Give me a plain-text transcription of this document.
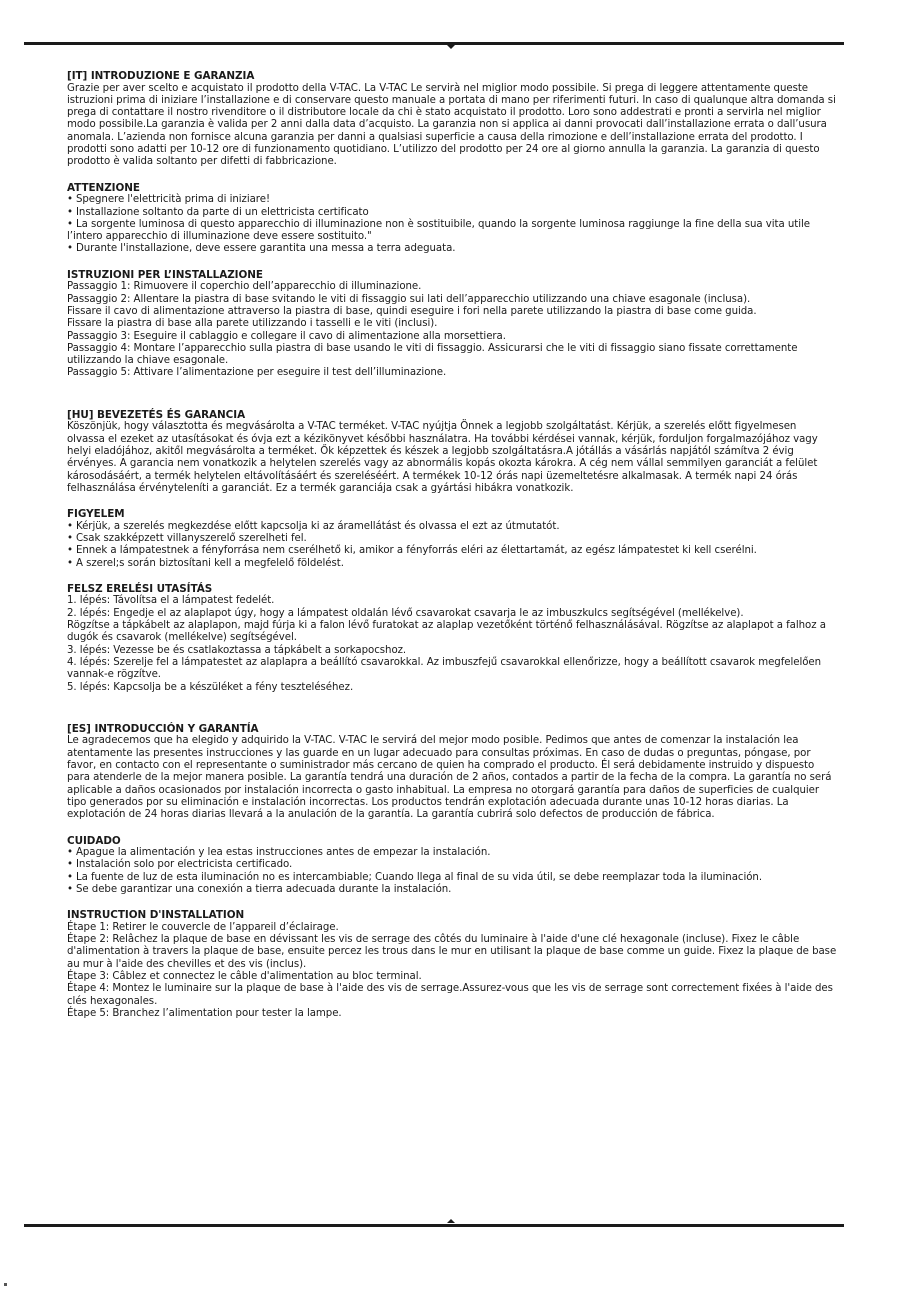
[IT] INTRODUZIONE E GARANZIA

Grazie per aver scelto e acquistato il prodotto della V-TAC. La V-TAC Le servirà nel miglior modo possibile. Si prega di leggere attentamente queste istruzioni prima di iniziare l’installazione e di conservare questo manuale a portata di mano per riferimenti futuri. In caso di qualunque altra domanda si prega di contattare il nostro rivenditore o il distributore locale da chi è stato acquistato il prodotto. Loro sono addestrati e pronti a servirla nel miglior modo possibile.La garanzia è valida per 2 anni dalla data d’acquisto. La garanzia non si applica ai danni provocati dall’installazione errata o dall’usura anomala. L’azienda non fornisce alcuna garanzia per danni a qualsiasi superficie a causa della rimozione e dell’installazione errata del prodotto. I prodotti sono adatti per 10-12 ore di funzionamento quotidiano. L’utilizzo del prodotto per 24 ore al giorno annulla la garanzia. La garanzia di questo prodotto è valida soltanto per difetti di fabbricazione.

ATTENZIONE
• Spegnere l'elettricità prima di iniziare!
• Installazione soltanto da parte di un elettricista certificato
• La sorgente luminosa di questo apparecchio di illuminazione non è sostituibile, quando la sorgente luminosa raggiunge la fine della sua vita utile l’intero apparecchio di illuminazione deve essere sostituito."
• Durante l'installazione, deve essere garantita una messa a terra adeguata.
ISTRUZIONI PER L’INSTALLAZIONE

Passaggio 1: Rimuovere il coperchio dell’apparecchio di illuminazione.

Passaggio 2: Allentare la piastra di base svitando le viti di fissaggio sui lati dell’apparecchio utilizzando una chiave esagonale (inclusa).

Fissare il cavo di alimentazione attraverso la piastra di base, quindi eseguire i fori nella parete utilizzando la piastra di base come guida.

Fissare la piastra di base alla parete utilizzando i tasselli e le viti (inclusi).

Passaggio 3: Eseguire il cablaggio e collegare il cavo di alimentazione alla morsettiera.

Passaggio 4: Montare l’apparecchio sulla piastra di base usando le viti di fissaggio. Assicurarsi che le viti di fissaggio siano fissate correttamente utilizzando la chiave esagonale.

Passaggio 5: Attivare l’alimentazione per eseguire il test dell’illuminazione.

[HU] BEVEZETÉS ÉS GARANCIA

Köszönjük, hogy választotta és megvásárolta a V-TAC terméket. V-TAC nyújtja Önnek a legjobb szolgáltatást. Kérjük, a szerelés előtt figyelmesen olvassa el ezeket az utasításokat és óvja ezt a kézikönyvet későbbi használatra. Ha további kérdései vannak, kérjük, forduljon forgalmazójához vagy helyi eladójához, akitől megvásárolta a terméket. Ők képzettek és készek a legjobb szolgáltatásra.A jótállás a vásárlás napjától számítva 2 évig érvényes. A garancia nem vonatkozik a helytelen szerelés vagy az abnormális kopás okozta károkra. A cég nem vállal semmilyen garanciát a felület károsodásáért, a termék helytelen eltávolításáért és szereléséért. A termékek 10-12 órás napi üzemeltetésre alkalmasak. A termék napi 24 órás felhasználása érvényteleníti a garanciát. Ez a termék garanciája csak a gyártási hibákra vonatkozik.

FIGYELEM
• Kérjük, a szerelés megkezdése előtt kapcsolja ki az áramellátást és olvassa el ezt az útmutatót.
• Csak szakképzett villanyszerelő szerelheti fel.
• Ennek a lámpatestnek a fényforrása nem cserélhető ki, amikor a fényforrás eléri az élettartamát, az egész lámpatestet ki kell cserélni.
• A szerel;s során biztosítani kell a megfelelő földelést.
FELSZ ERELÉSI UTASÍTÁS

1. lépés: Távolítsa el a lámpatest fedelét.

2. lépés: Engedje el az alaplapot úgy, hogy a lámpatest oldalán lévő csavarokat csavarja le az imbuszkulcs segítségével (mellékelve).

Rögzítse a tápkábelt az alaplapon, majd fúrja ki a falon lévő furatokat az alaplap vezetőként történő felhasználásával. Rögzítse az alaplapot a falhoz a dugók és csavarok (mellékelve) segítségével.

3. lépés: Vezesse be és csatlakoztassa a tápkábelt a sorkapocshoz.

4. lépés: Szerelje fel a lámpatestet az alaplapra a beállító csavarokkal. Az imbuszfejű csavarokkal ellenőrizze, hogy a beállított csavarok megfelelően vannak-e rögzítve.

5. lépés: Kapcsolja be a készüléket a fény teszteléséhez.

[ES] INTRODUCCIÓN Y GARANTÍA

Le agradecemos que ha elegido y adquirido la V-TAC. V-TAC le servirá del mejor modo posible. Pedimos que antes de comenzar la instalación lea atentamente las presentes instrucciones y las guarde en un lugar adecuado para consultas próximas. En caso de dudas o preguntas, póngase, por favor, en contacto con el representante o suministrador más cercano de quien ha comprado el producto. Él será debidamente instruido y dispuesto para atenderle de la mejor manera posible. La garantía tendrá una duración de 2 años, contados a partir de la fecha de la compra. La garantía no será aplicable a daños ocasionados por instalación incorrecta o gasto inhabitual. La empresa no otorgará garantía para daños de superficies de cualquier tipo generados por su eliminación e instalación incorrectas. Los productos tendrán explotación adecuada durante unas 10-12 horas diarias. La explotación de 24 horas diarias llevará a la anulación de la garantía. La garantía cubrirá solo defectos de producción de fábrica.

CUIDADO
• Apague la alimentación y lea estas instrucciones antes de empezar la instalación.
• Instalación solo por electricista certificado.
• La fuente de luz de esta iluminación no es intercambiable; Cuando llega al final de su vida útil, se debe reemplazar toda la iluminación.
• Se debe garantizar una conexión a tierra adecuada durante la instalación.
INSTRUCTION D'INSTALLATION

Étape 1: Retirer le couvercle de l’appareil d’éclairage.

Étape 2: Relâchez la plaque de base en dévissant les vis de serrage des côtés du luminaire à l'aide d'une clé hexagonale (incluse). Fixez le câble d'alimentation à travers la plaque de base, ensuite percez les trous dans le mur en utilisant la plaque de base comme un guide. Fixez la plaque de base au mur à l'aide des chevilles et des vis (inclus).

Étape 3: Câblez et connectez le câble d'alimentation au bloc terminal.

Étape 4: Montez le luminaire sur la plaque de base à l'aide des vis de serrage.Assurez-vous que les vis de serrage sont correctement fixées à l'aide des clés hexagonales.

Étape 5: Branchez l’alimentation pour tester la lampe.
